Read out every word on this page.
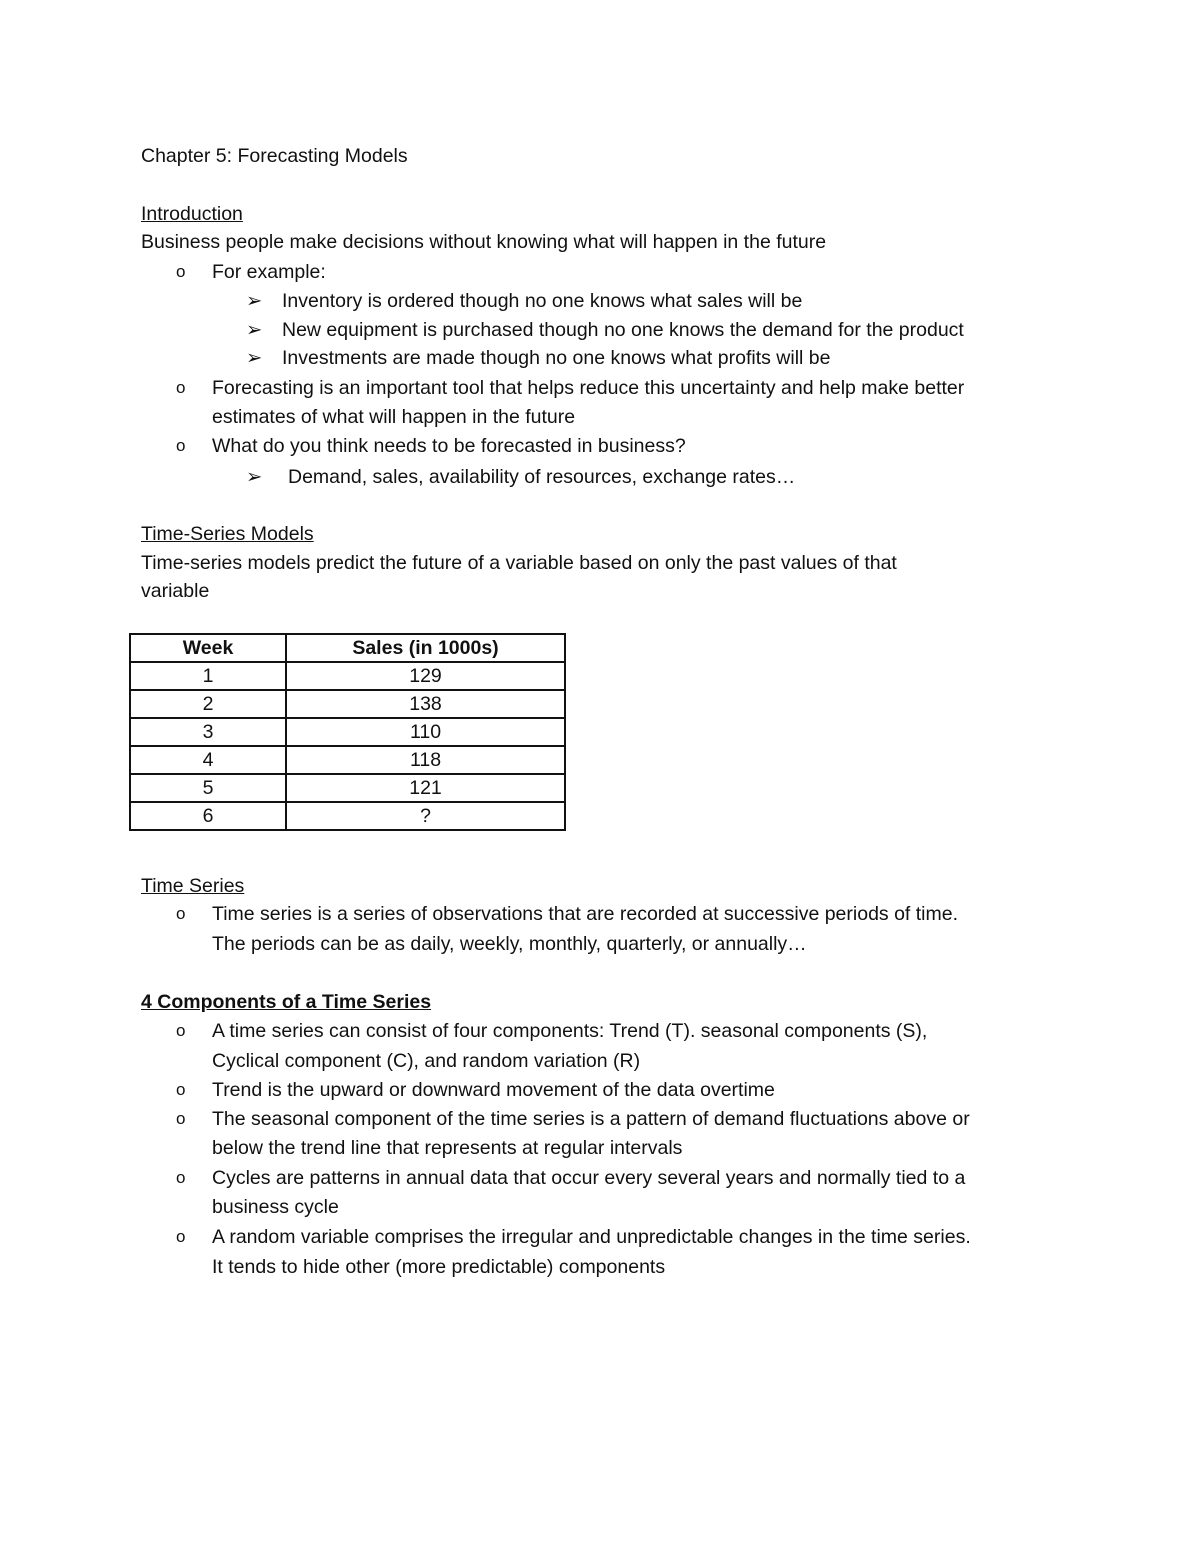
Chapter 5: Forecasting Models
Introduction
Business people make decisions without knowing what will happen in the future
o For example:
➢ Inventory is ordered though no one knows what sales will be
➢ New equipment is purchased though no one knows the demand for the product
➢ Investments are made though no one knows what profits will be
o Forecasting is an important tool that helps reduce this uncertainty and help make better
estimates of what will happen in the future
o What do you think needs to be forecasted in business?
➢ Demand, sales, availability of resources, exchange rates…
Time-Series Models
Time-series models predict the future of a variable based on only the past values of that
variable
Week	Sales (in 1000s)
1	129
2	138
3	110
4	118
5	121
6	?
Time Series
o Time series is a series of observations that are recorded at successive periods of time.
The periods can be as daily, weekly, monthly, quarterly, or annually…
4 Components of a Time Series
o A time series can consist of four components: Trend (T). seasonal components (S),
Cyclical component (C), and random variation (R)
o Trend is the upward or downward movement of the data overtime
o The seasonal component of the time series is a pattern of demand fluctuations above or
below the trend line that represents at regular intervals
o Cycles are patterns in annual data that occur every several years and normally tied to a
business cycle
o A random variable comprises the irregular and unpredictable changes in the time series.
It tends to hide other (more predictable) components
